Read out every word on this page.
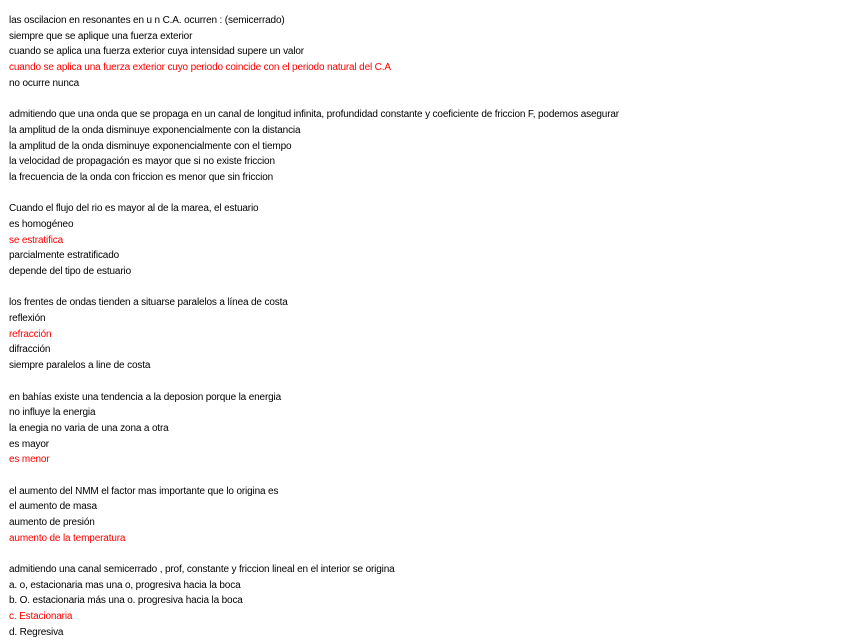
las oscilacion en resonantes en u n C.A. ocurren : (semicerrado)
siempre que se aplique una fuerza exterior
cuando se aplica una fuerza exterior cuya intensidad supere un valor
cuando se aplica una fuerza exterior cuyo periodo coincide con el periodo natural del C.A
no ocurre nunca
admitiendo que una onda que se propaga en un canal de longitud infinita, profundidad constante y coeficiente de friccion F, podemos asegurar
la amplitud de la onda disminuye exponencialmente con la distancia
la amplitud de la onda disminuye exponencialmente con el tiempo
la velocidad de propagación es mayor que si no existe friccion
la frecuencia de la onda con friccion es menor que sin friccion
Cuando el flujo del rio es mayor al de la marea, el estuario
es homogéneo
se estratifica
parcialmente estratificado
depende del tipo de estuario
los frentes de ondas tienden a situarse paralelos a línea de costa
reflexión
refracción
difracción
siempre paralelos a line de costa
en bahías existe una tendencia a la deposion porque la energia
no influye la energia
la enegia no varia de una zona a otra
es mayor
es menor
el aumento del NMM el factor mas importante que lo origina es
el aumento de masa
aumento de presión
aumento de la temperatura
admitiendo una canal semicerrado , prof, constante y friccion lineal en el interior se origina
a. o, estacionaria mas una o, progresiva hacia la boca
b. O. estacionaria más una o. progresiva hacia la boca
c. Estacionaria
d. Regresiva
